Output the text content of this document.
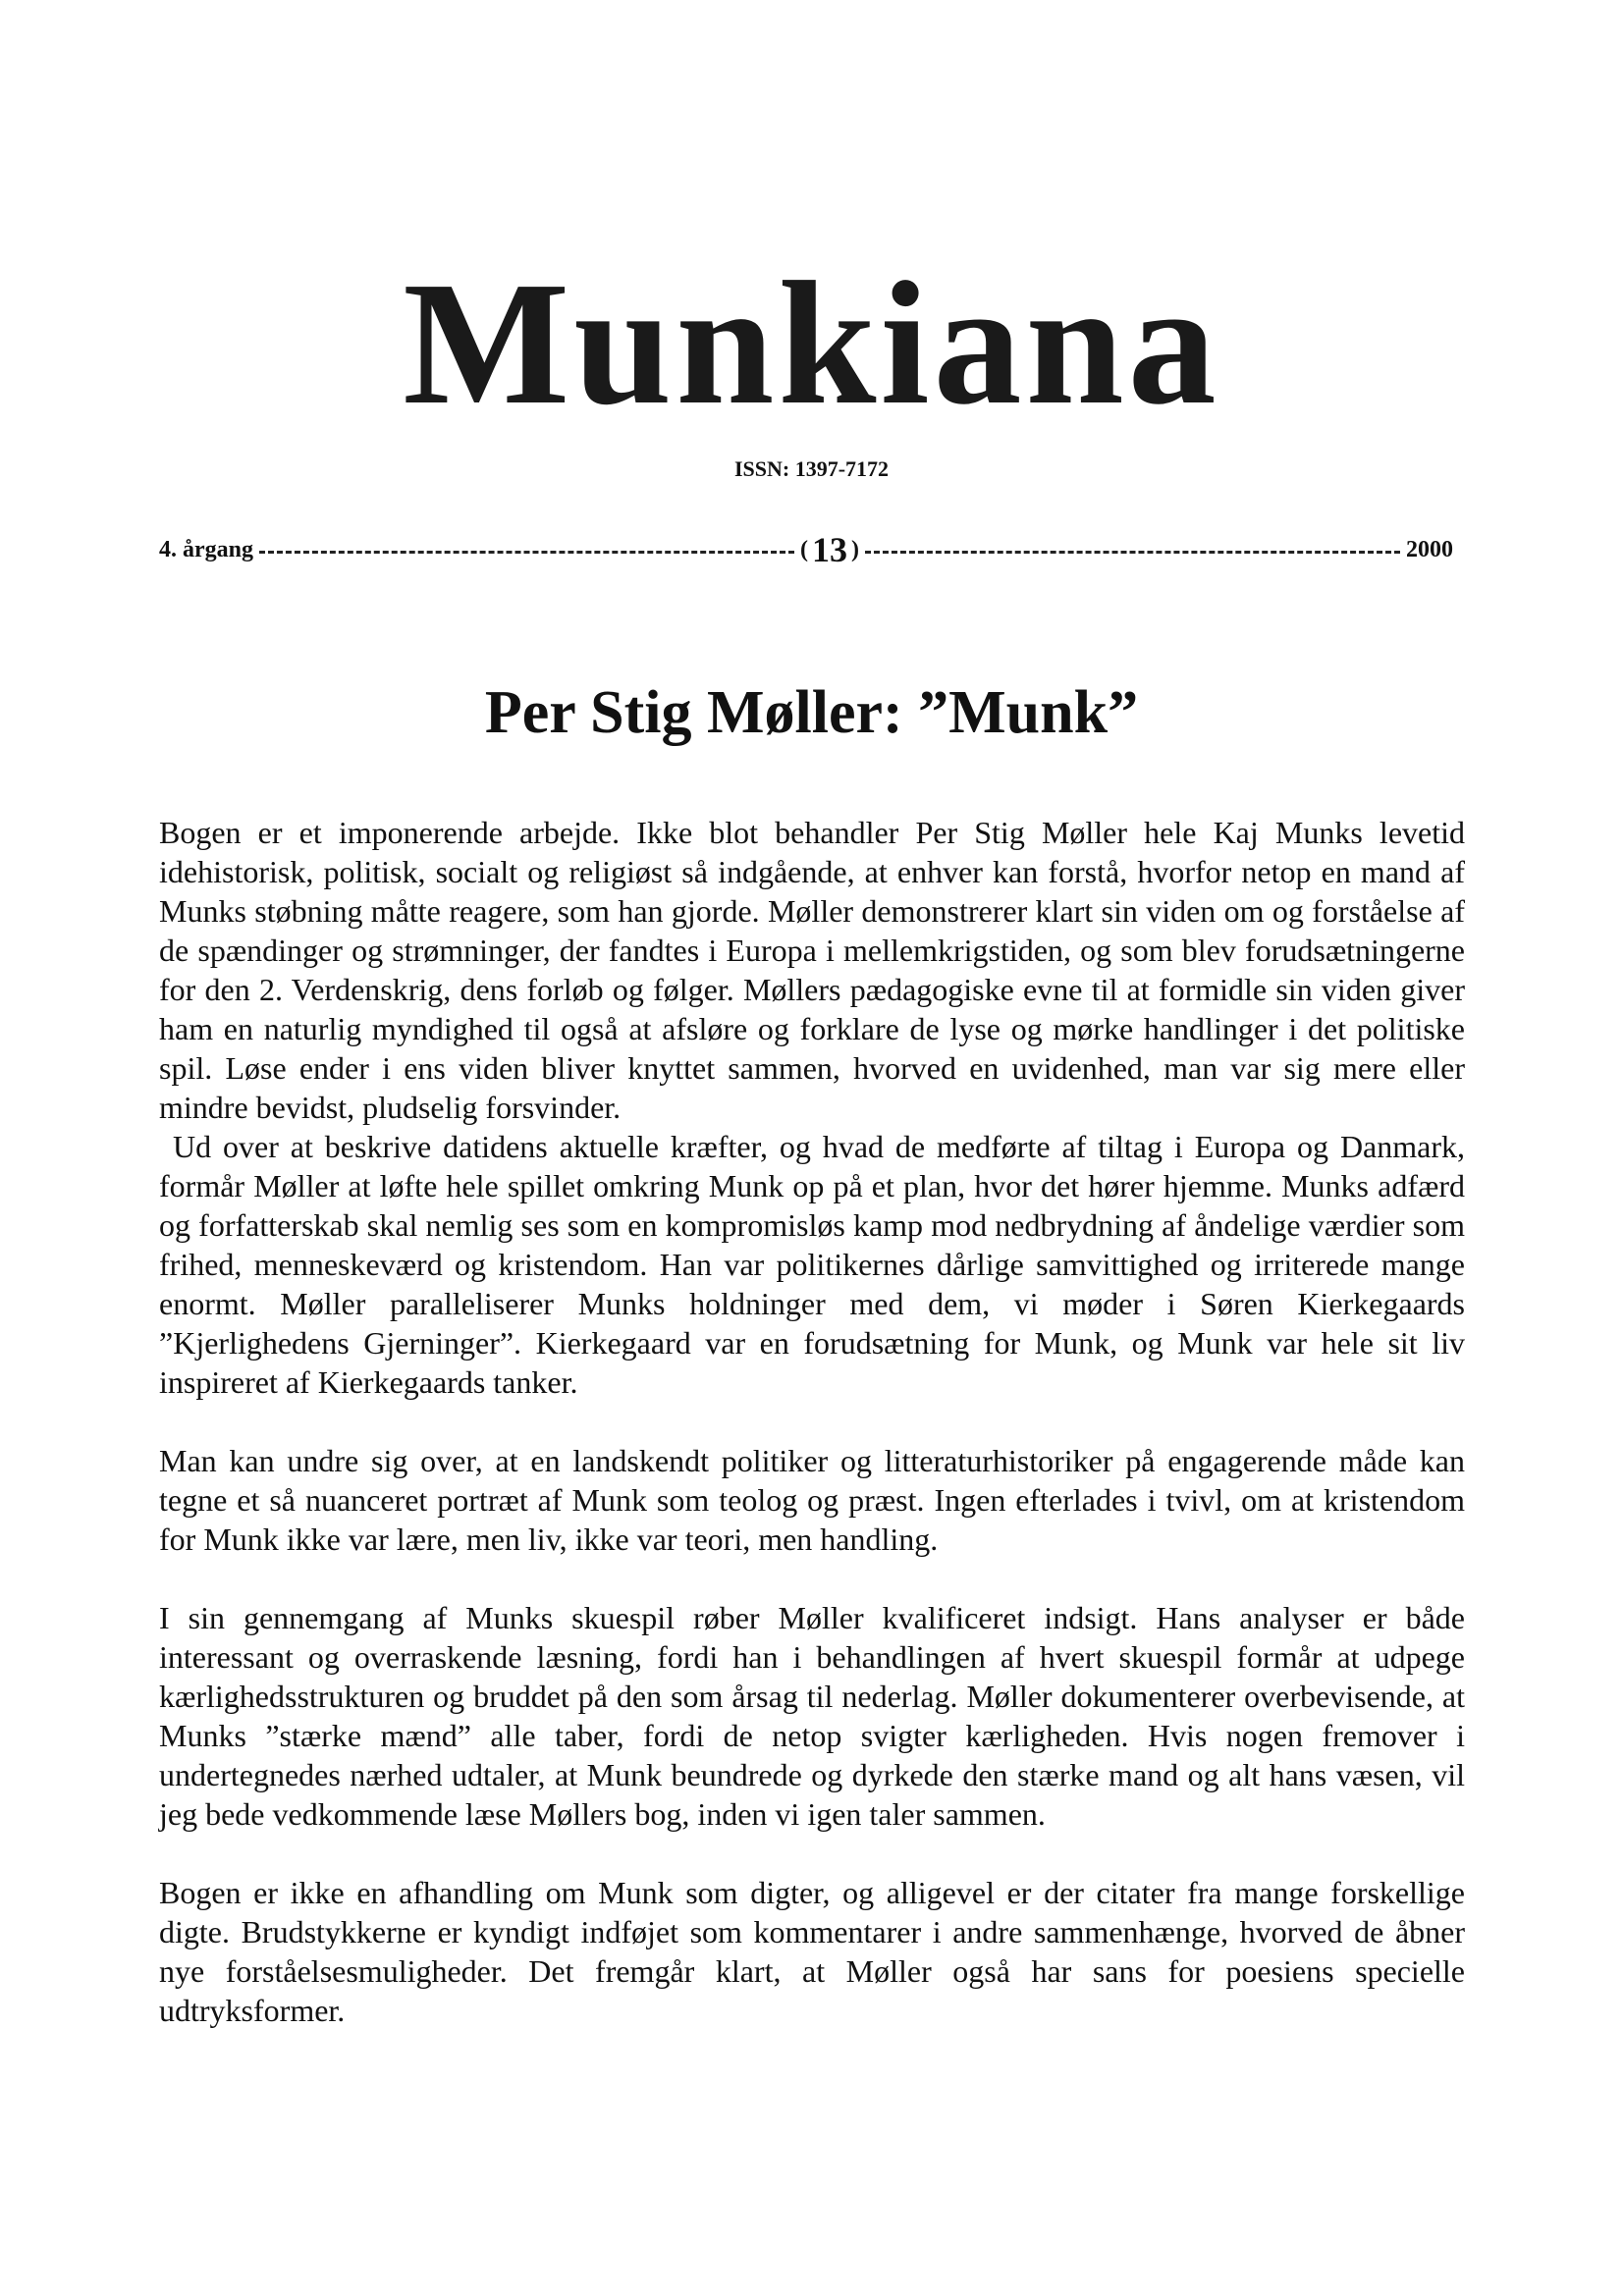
Munkiana
ISSN: 1397-7172
4. årgang	( 13 )	2000
Per Stig Møller: ”Munk”

Bogen er et imponerende arbejde. Ikke blot behandler Per Stig Møller hele Kaj Munks levetid idehistorisk, politisk, socialt og religiøst så indgående, at enhver kan forstå, hvorfor netop en mand af Munks støbning måtte reagere, som han gjorde. Møller demonstrerer klart sin viden om og forståelse af de spændinger og strømninger, der fandtes i Europa i mellemkrigstiden, og som blev forudsætningerne for den 2. Verdenskrig, dens forløb og følger. Møllers pædagogiske evne til at formidle sin viden giver ham en naturlig myndighed til også at afsløre og forklare de lyse og mørke handlinger i det politiske spil. Løse ender i ens viden bliver knyttet sammen, hvorved en uvidenhed, man var sig mere eller mindre bevidst, pludselig forsvinder.

Ud over at beskrive datidens aktuelle kræfter, og hvad de medførte af tiltag i Europa og Danmark, formår Møller at løfte hele spillet omkring Munk op på et plan, hvor det hører hjemme. Munks adfærd og forfatterskab skal nemlig ses som en kompromisløs kamp mod nedbrydning af åndelige værdier som frihed, menneskeværd og kristendom. Han var politikernes dårlige samvittighed og irriterede mange enormt. Møller paralleliserer Munks holdninger med dem, vi møder i Søren Kierkegaards ”Kjerlighedens Gjerninger”. Kierkegaard var en forudsætning for Munk, og Munk var hele sit liv inspireret af Kierkegaards tanker.

Man kan undre sig over, at en landskendt politiker og litteraturhistoriker på engagerende måde kan tegne et så nuanceret portræt af Munk som teolog og præst. Ingen efterlades i tvivl, om at kristendom for Munk ikke var lære, men liv, ikke var teori, men handling.

I sin gennemgang af Munks skuespil røber Møller kvalificeret indsigt. Hans analyser er både interessant og overraskende læsning, fordi han i behandlingen af hvert skuespil formår at udpege kærlighedsstrukturen og bruddet på den som årsag til nederlag. Møller dokumenterer overbevisende, at Munks ”stærke mænd” alle taber, fordi de netop svigter kærligheden. Hvis nogen fremover i undertegnedes nærhed udtaler, at Munk beundrede og dyrkede den stærke mand og alt hans væsen, vil jeg bede vedkommende læse Møllers bog, inden vi igen taler sammen.

Bogen er ikke en afhandling om Munk som digter, og alligevel er der citater fra mange forskellige digte. Brudstykkerne er kyndigt indføjet som kommentarer i andre sammenhænge, hvorved de åbner nye forståelsesmuligheder. Det fremgår klart, at Møller også har sans for poesiens specielle udtryksformer.
